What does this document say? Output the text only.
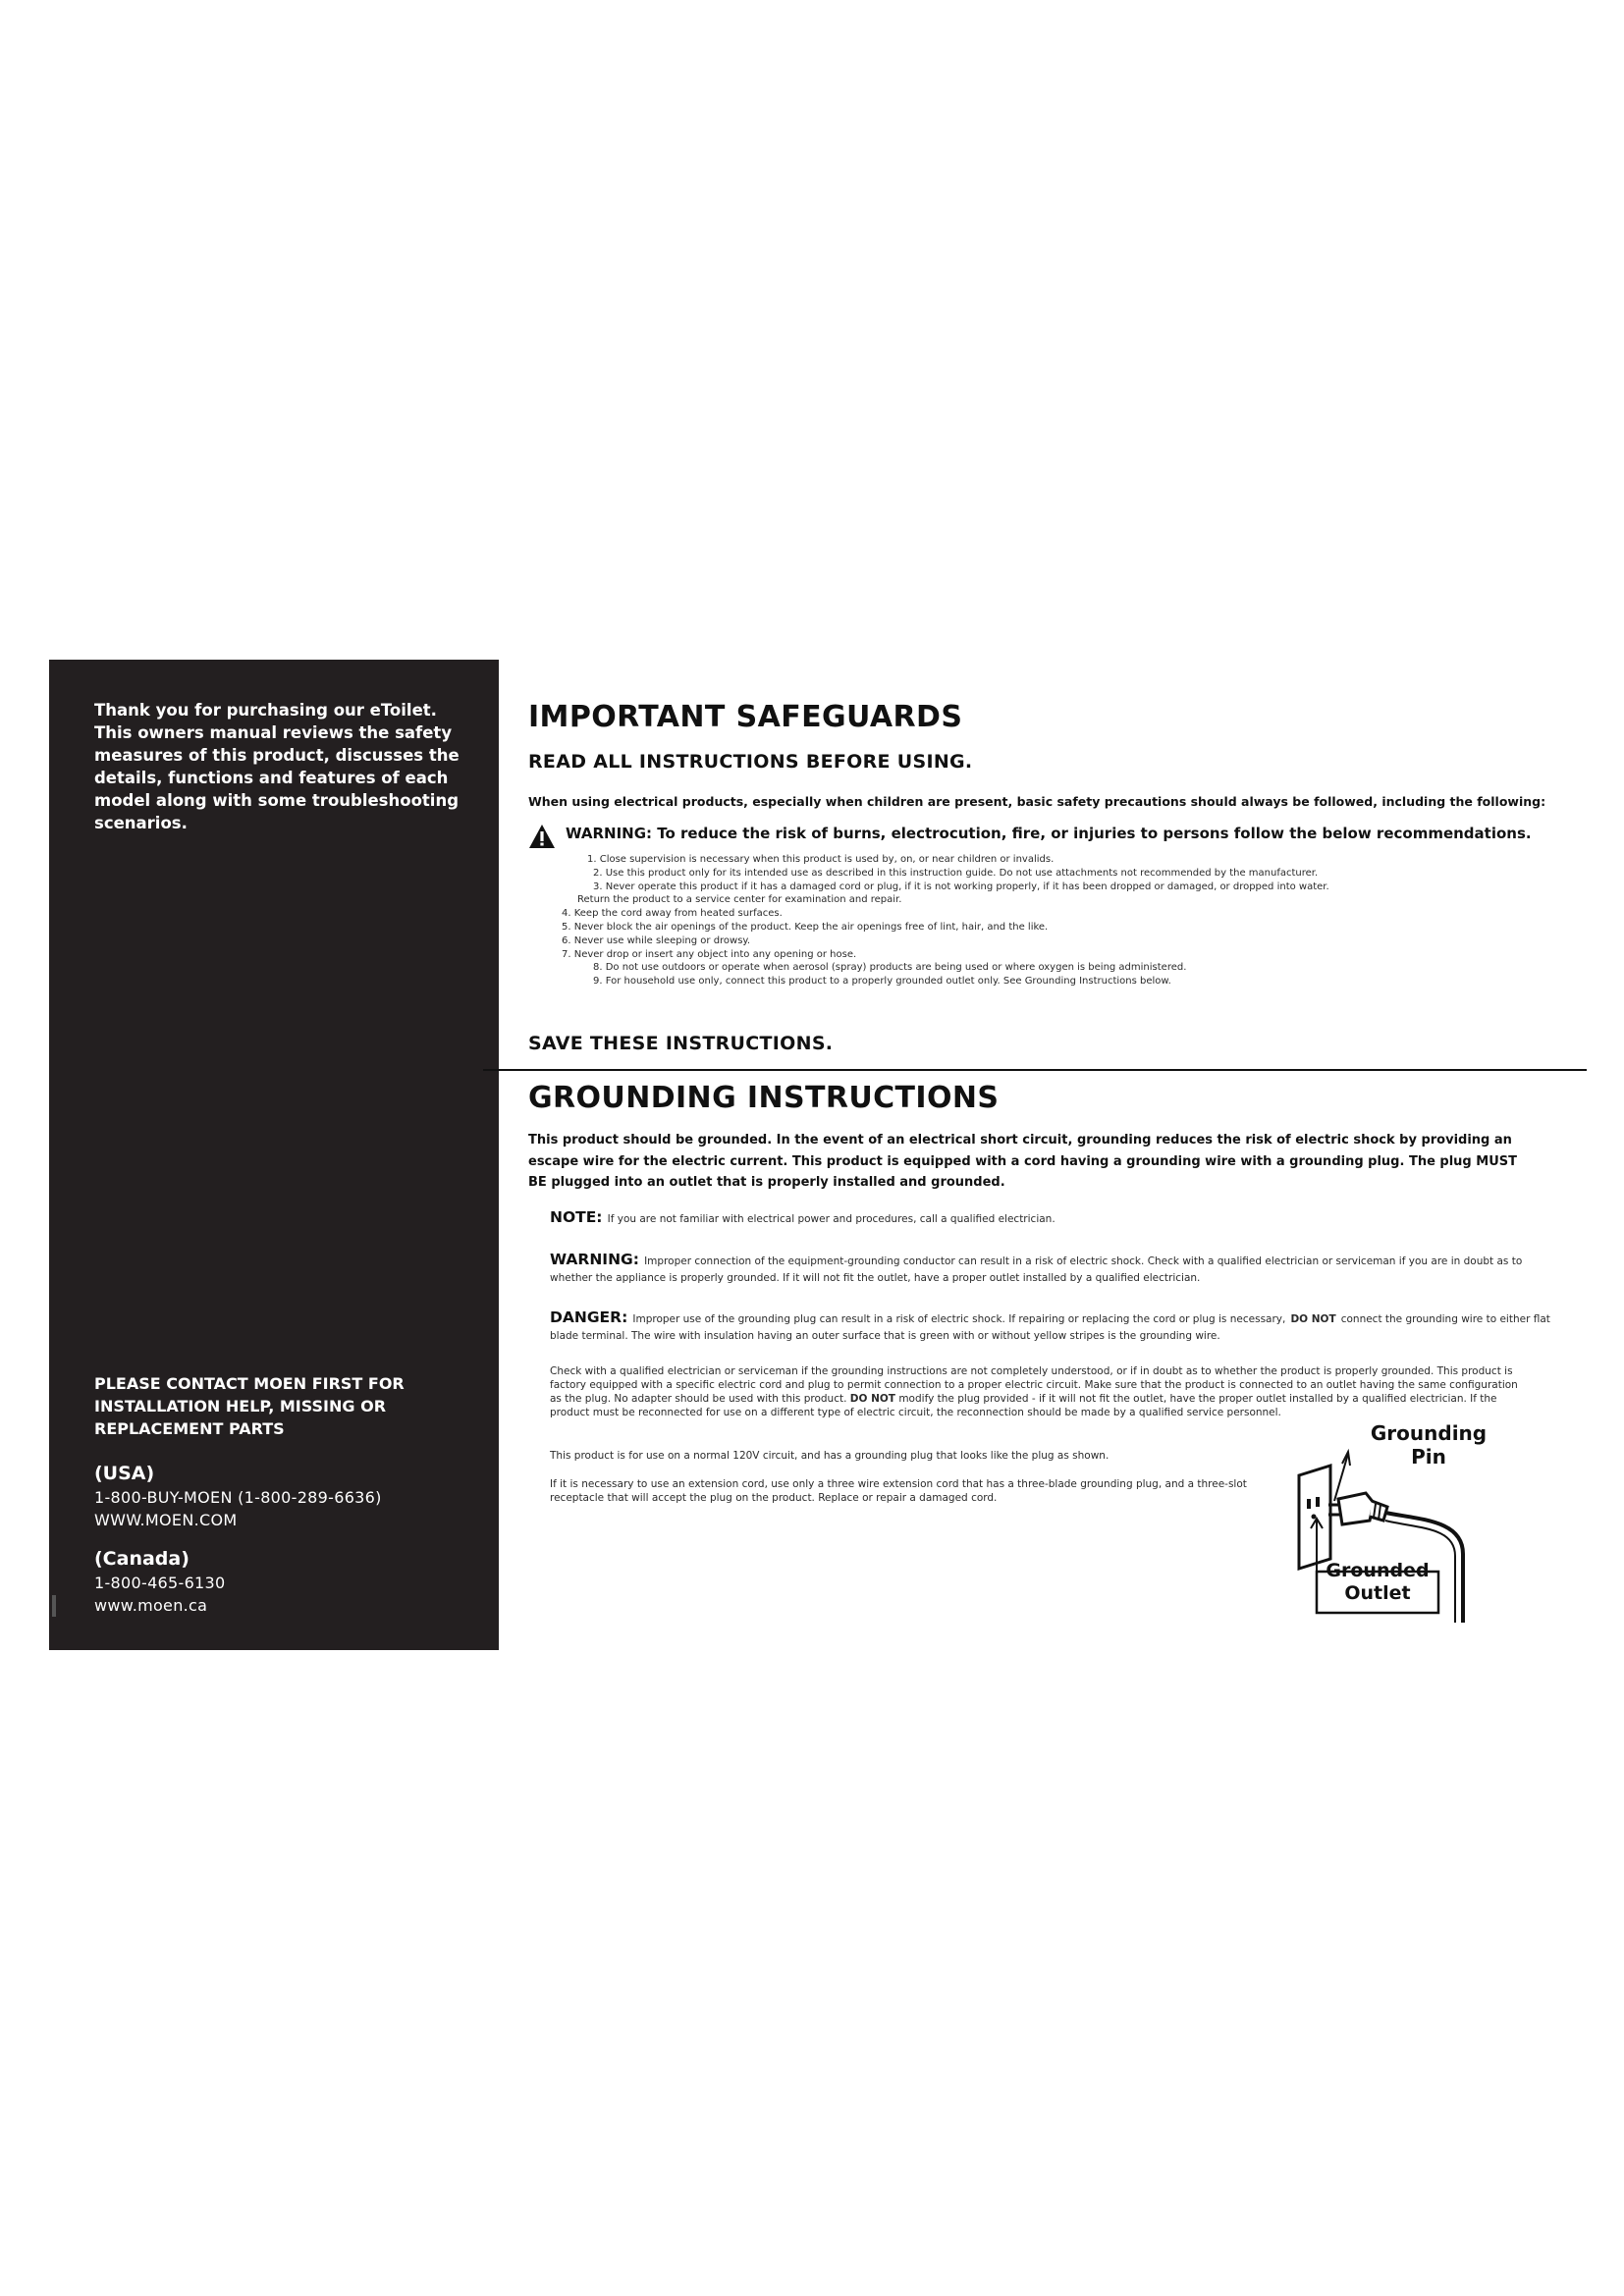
Thank you for purchasing our eToilet. This owners manual reviews the safety measures of this product, discusses the details, functions and features of each model along with some troubleshooting scenarios.
PLEASE CONTACT MOEN FIRST FOR INSTALLATION HELP, MISSING OR REPLACEMENT PARTS
(USA)
1-800-BUY-MOEN (1-800-289-6636)
WWW.MOEN.COM
(Canada)
1-800-465-6130
www.moen.ca
IMPORTANT SAFEGUARDS
READ ALL INSTRUCTIONS BEFORE USING.
When using electrical products, especially when children are present, basic safety precautions should always be followed, including the following:
WARNING: To reduce the risk of burns, electrocution, fire, or injuries to persons follow the below recommendations.
1. Close supervision is necessary when this product is used by, on, or near children or invalids.
2. Use this product only for its intended use as described in this instruction guide. Do not use attachments not recommended by the manufacturer.
3. Never operate this product if it has a damaged cord or plug, if it is not working properly, if it has been dropped or damaged, or dropped into water.
Return the product to a service center for examination and repair.
4. Keep the cord away from heated surfaces.
5. Never block the air openings of the product. Keep the air openings free of lint, hair, and the like.
6. Never use while sleeping or drowsy.
7. Never drop or insert any object into any opening or hose.
8. Do not use outdoors or operate when aerosol (spray) products are being used or where oxygen is being administered.
9. For household use only, connect this product to a properly grounded outlet only. See Grounding Instructions below.
SAVE THESE INSTRUCTIONS.
GROUNDING INSTRUCTIONS
This product should be grounded. In the event of an electrical short circuit, grounding reduces the risk of electric shock by providing an escape wire for the electric current. This product is equipped with a cord having a grounding wire with a grounding plug. The plug MUST BE plugged into an outlet that is properly installed and grounded.
NOTE: If you are not familiar with electrical power and procedures, call a qualified electrician.
WARNING: Improper connection of the equipment-grounding conductor can result in a risk of electric shock. Check with a qualified electrician or serviceman if you are in doubt as to whether the appliance is properly grounded. If it will not fit the outlet, have a proper outlet installed by a qualified electrician.
DANGER: Improper use of the grounding plug can result in a risk of electric shock. If repairing or replacing the cord or plug is necessary, DO NOT connect the grounding wire to either flat blade terminal. The wire with insulation having an outer surface that is green with or without yellow stripes is the grounding wire.
Check with a qualified electrician or serviceman if the grounding instructions are not completely understood, or if in doubt as to whether the product is properly grounded. This product is factory equipped with a specific electric cord and plug to permit connection to a proper electric circuit. Make sure that the product is connected to an outlet having the same configuration as the plug. No adapter should be used with this product. DO NOT modify the plug provided - if it will not fit the outlet, have the proper outlet installed by a qualified electrician. If the product must be reconnected for use on a different type of electric circuit, the reconnection should be made by a qualified service personnel.
This product is for use on a normal 120V circuit, and has a grounding plug that looks like the plug as shown.
If it is necessary to use an extension cord, use only a three wire extension cord that has a three-blade grounding plug, and a three-slot receptacle that will accept the plug on the product. Replace or repair a damaged cord.
Grounding
Pin
Grounded
Outlet
